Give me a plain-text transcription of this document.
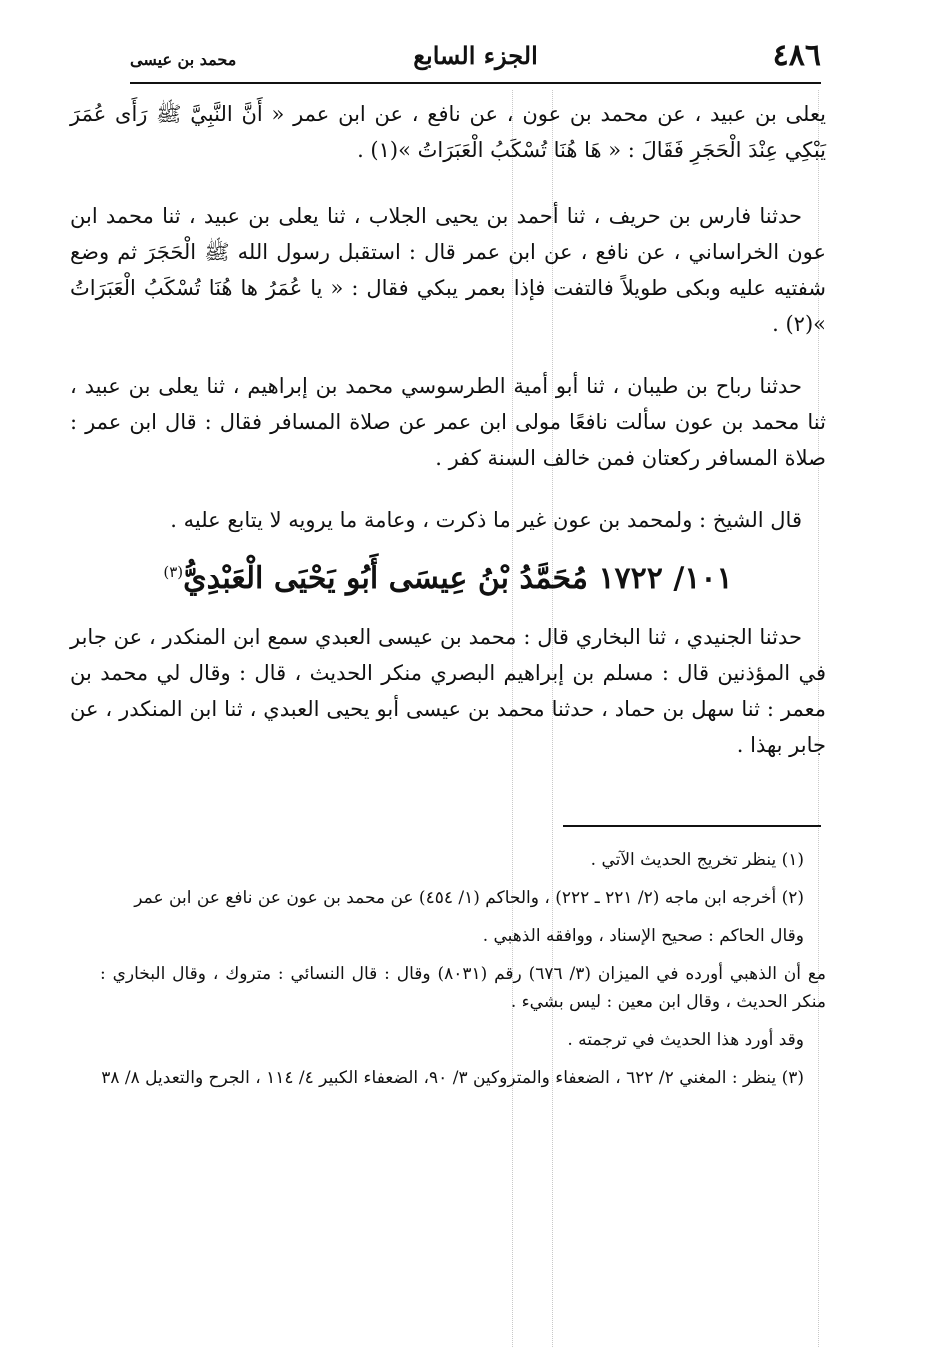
٤٨٦
الجزء السابع
محمد بن عيسى

يعلى بن عبيد ، عن محمد بن عون ، عن نافع ، عن ابن عمر « أَنَّ النَّبِيَّ ﷺ رَأَى عُمَرَ يَبْكِي عِنْدَ الْحَجَرِ فَقَالَ : « هَا هُنَا تُسْكَبُ الْعَبَرَاتُ »(١) .

حدثنا فارس بن حريف ، ثنا أحمد بن يحيى الجلاب ، ثنا يعلى بن عبيد ، ثنا محمد ابن عون الخراساني ، عن نافع ، عن ابن عمر قال : استقبل رسول الله ﷺ الْحَجَرَ ثم وضع شفتيه عليه وبكى طويلاً فالتفت فإذا بعمر يبكي فقال : « يا عُمَرُ ها هُنَا تُسْكَبُ الْعَبَرَاتُ »(٢) .

حدثنا رباح بن طيبان ، ثنا أبو أمية الطرسوسي محمد بن إبراهيم ، ثنا يعلى بن عبيد ، ثنا محمد بن عون سألت نافعًا مولى ابن عمر عن صلاة المسافر فقال : قال ابن عمر : صلاة المسافر ركعتان فمن خالف السنة كفر .

قال الشيخ : ولمحمد بن عون غير ما ذكرت ، وعامة ما يرويه لا يتابع عليه .

١٠١/ ١٧٢٢ مُحَمَّدُ بْنُ عِيسَى أَبُو يَحْيَى الْعَبْدِيُّ$^{(٣)}$

حدثنا الجنيدي ، ثنا البخاري قال : محمد بن عيسى العبدي سمع ابن المنكدر ، عن جابر في المؤذنين قال : مسلم بن إبراهيم البصري منكر الحديث ، قال : وقال لي محمد بن معمر : ثنا سهل بن حماد ، حدثنا محمد بن عيسى أبو يحيى العبدي ، ثنا ابن المنكدر ، عن جابر بهذا .

(١) ينظر تخريج الحديث الآتي .

(٢) أخرجه ابن ماجه (٢/ ٢٢١ ـ ٢٢٢) ، والحاكم (١/ ٤٥٤) عن محمد بن عون عن نافع عن ابن عمر

وقال الحاكم : صحيح الإسناد ، ووافقه الذهبي .

مع أن الذهبي أورده في الميزان (٣/ ٦٧٦) رقم (٨٠٣١) وقال : قال النسائي : متروك ، وقال البخاري : منكر الحديث ، وقال ابن معين : ليس بشيء .

وقد أورد هذا الحديث في ترجمته .

(٣) ينظر : المغني ٢/ ٦٢٢ ، الضعفاء والمتروكين ٣/ ٩٠، الضعفاء الكبير ٤/ ١١٤ ، الجرح والتعديل ٨/ ٣٨
